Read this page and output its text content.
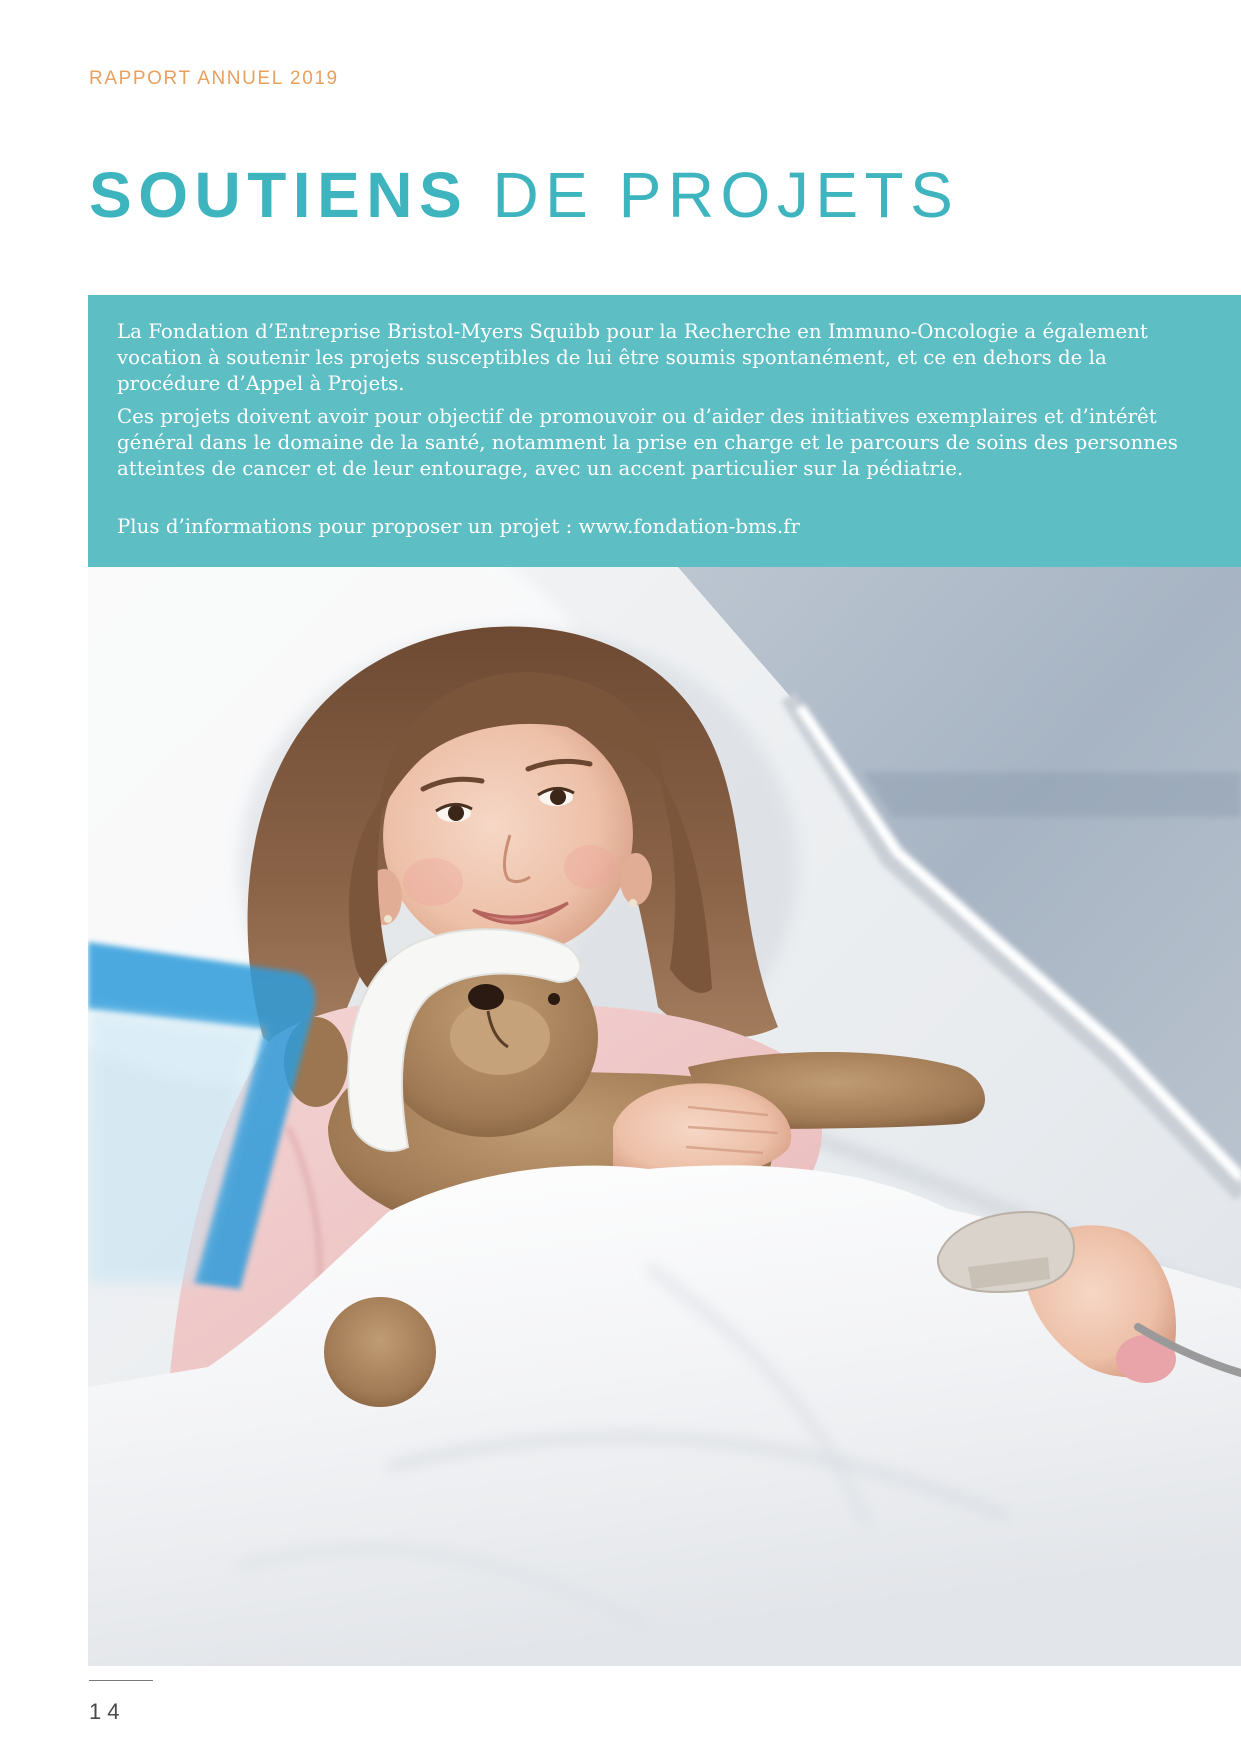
RAPPORT ANNUEL 2019
SOUTIENS DE PROJETS

La Fondation d’Entreprise Bristol-Myers Squibb pour la Recherche en Immuno-Oncologie a également
vocation à soutenir les projets susceptibles de lui être soumis spontanément, et ce en dehors de la
procédure d’Appel à Projets.

Ces projets doivent avoir pour objectif de promouvoir ou d’aider des initiatives exemplaires et d’intérêt
général dans le domaine de la santé, notamment la prise en charge et le parcours de soins des personnes
atteintes de cancer et de leur entourage, avec un accent particulier sur la pédiatrie.

Plus d’informations pour proposer un projet : www.fondation-bms.fr

14
